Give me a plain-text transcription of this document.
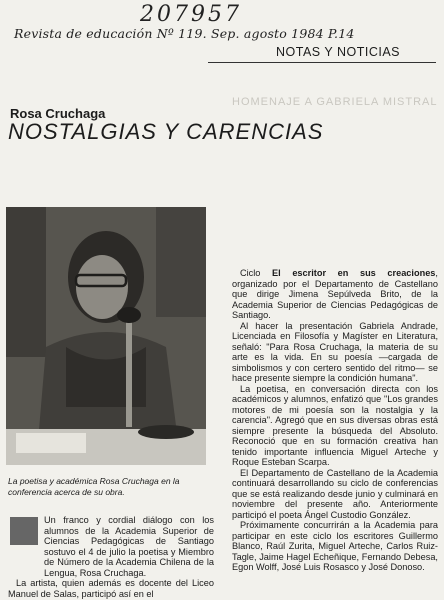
207957
Revista de educación Nº 119. Sep. agosto 1984 P.14
NOTAS Y NOTICIAS
HOMENAJE A GABRIELA MISTRAL
Rosa Cruchaga
NOSTALGIAS Y CARENCIAS
La poetisa y académica Rosa Cruchaga en la conferencia acerca de su obra.

Ciclo El escritor en sus creaciones, organizado por el Departamento de Castellano que dirige Jimena Sepúlveda Brito, de la Academia Superior de Ciencias Pedagógicas de Santiago.

Al hacer la presentación Gabriela Andrade, Licenciada en Filosofía y Magíster en Literatura, señaló: "Para Rosa Cruchaga, la materia de su arte es la vida. En su poesía —cargada de simbolismos y con certero sentido del ritmo— se hace presente siempre la condición humana".

La poetisa, en conversación directa con los académicos y alumnos, enfatizó que "Los grandes motores de mi poesía son la nostalgia y la carencia". Agregó que en sus diversas obras está siempre presente la búsqueda del Absoluto. Reconoció que en su formación creativa han tenido importante influencia Miguel Arteche y Roque Esteban Scarpa.

El Departamento de Castellano de la Academia continuará desarrollando su ciclo de conferencias que se está realizando desde junio y culminará en noviembre del presente año. Anteriormente participó el poeta Ángel Custodio González.

Próximamente concurrirán a la Academia para participar en este ciclo los escritores Guillermo Blanco, Raúl Zurita, Miguel Arteche, Carlos Ruiz-Tagle, Jaime Hagel Echeñique, Fernando Debesa, Egon Wolff, José Luis Rosasco y José Donoso.

Un franco y cordial diálogo con los alumnos de la Academia Superior de Ciencias Pedagógicas de Santiago sostuvo el 4 de julio la poetisa y Miembro de Número de la Academia Chilena de la Lengua, Rosa Cruchaga.

La artista, quien además es docente del Liceo Manuel de Salas, participó así en el
